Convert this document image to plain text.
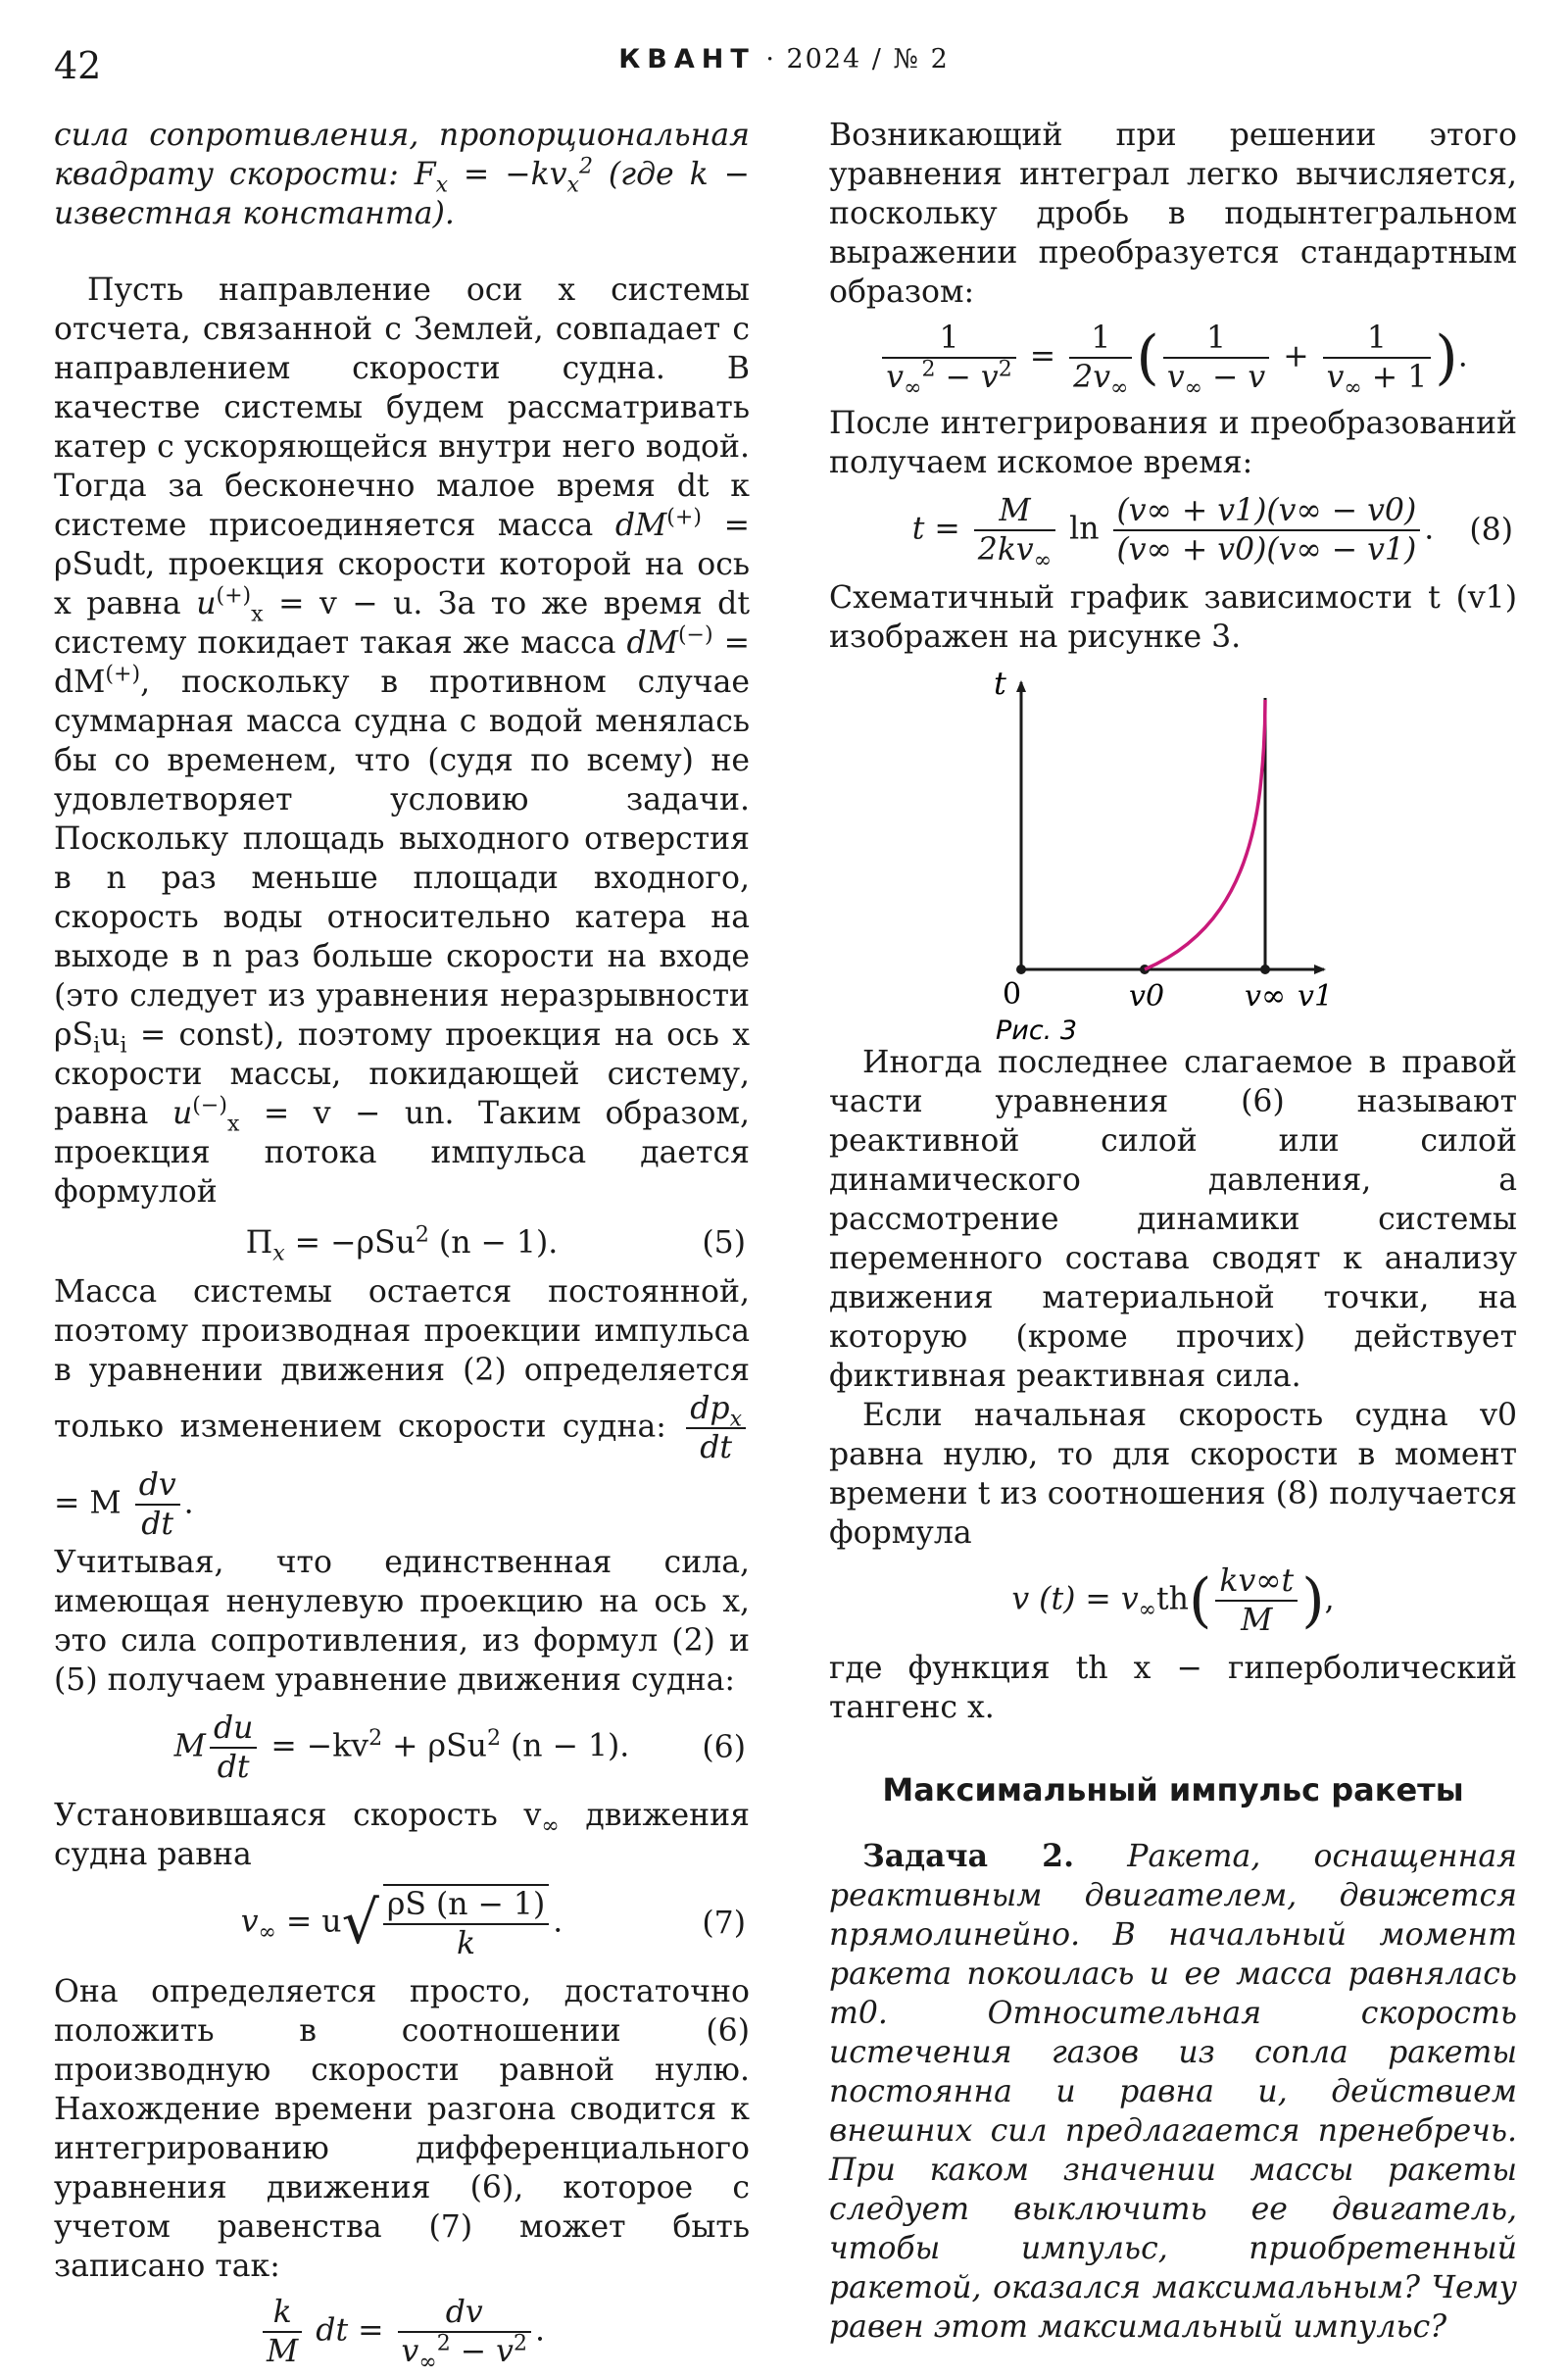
42	КВАНТ · 2024 / № 2

сила сопротивления, пропорциональная квадрату скорости: $F_x = -kv_x^2$ (где k − известная константа).

Пусть направление оси x системы отсчета, связанной с Землей, совпадает с направлением скорости судна. В качестве системы будем рассматривать катер с ускоряющейся внутри него водой. Тогда за бесконечно малое время dt к системе присоединяется масса dM(+) = ρSudt, проекция скорости которой на ось x равна $u^{(+)}_x = v - u$. За то же время dt систему покидает такая же масса dM(−) = dM(+), поскольку в противном случае суммарная масса судна с водой менялась бы со временем, что (судя по всему) не удовлетворяет условию задачи. Поскольку площадь выходного отверстия в n раз меньше площади входного, скорость воды относительно катера на выходе в n раз больше скорости на входе (это следует из уравнения неразрывности $\rho S_iu_i$ = const), поэтому проекция на ось x скорости массы, покидающей систему, равна $u^{(-)}_x = v$ − un. Таким образом, проекция потока импульса дается формулой

$\Pi_x = -\rho Su^2$ (n − 1).	(5)

Масса системы остается постоянной, поэтому производная проекции импульса в уравнении движения (2) определяется только изменением скорости судна:
$dp_x$
dt
= M $\frac{dv}{dt}$ .

Учитывая, что единственная сила, имеющая ненулевую проекцию на ось x, это сила сопротивления, из формул (2) и (5) получаем уравнение движения судна:

M $\frac{du}{dt} = -kv^2 + \rho Su^2$ (n − 1). (6)

Установившаяся скорость $v_\infty$ движения судна равна

$v_\infty = u√ \frac{\rho S (n - 1)}{k}$ .	(7)

Она определяется просто, достаточно положить в соотношении (6) производную скорости равной нулю. Нахождение времени разгона сводится к интегрированию дифференциального уравнения движения (6), которое с учетом равенства (7) может быть записано так:

$\frac{k}{M}$ dt = $\frac{dv}{v_\infty^2 - v^2}$ .

Возникающий при решении этого уравнения интеграл легко вычисляется, поскольку дробь в подынтегральном выражении преобразуется стандартным образом:

$\frac{1}{v_\infty^2 - v^2} = \frac{1}{2v_\infty}$ ( $\frac{1}{v_\infty - v} + \frac{1}{v_\infty + 1}$ ).

После интегрирования и преобразований получаем искомое время:

$t = \frac{M}{2kv_\infty}$ $\ln \frac{(v\infty + v1)(v\infty - v0)}{(v\infty + v0)(v\infty - v1)}$ . (8)

Схематичный график зависимости t (v1) изображен на рисунке 3.

t
0	v0	v∞ v1
Рис. 3

Иногда последнее слагаемое в правой части уравнения (6) называют реактивной силой или силой динамического давления, а рассмотрение динамики системы переменного состава сводят к анализу движения материальной точки, на которую (кроме прочих) действует фиктивная реактивная сила.

Если начальная скорость судна v0 равна нулю, то для скорости в момент времени t из соотношения (8) получается формула

v $(t) = v_\infty th( \frac{kv\infty t}{M}$ ),

где функция th x − гиперболический тангенс x.

Максимальный импульс ракеты

Задача 2. Ракета, оснащенная реактивным двигателем, движется прямолинейно. В начальный момент ракета покоилась и ее масса равнялась m0. Относительная скорость истечения газов из сопла ракеты постоянна и равна u, действием внешних сил предлагается пренебречь. При каком значении массы ракеты следует выключить ее двигатель, чтобы импульс, приобретенный ракетой, оказался максимальным? Чему равен этот максимальный импульс?
